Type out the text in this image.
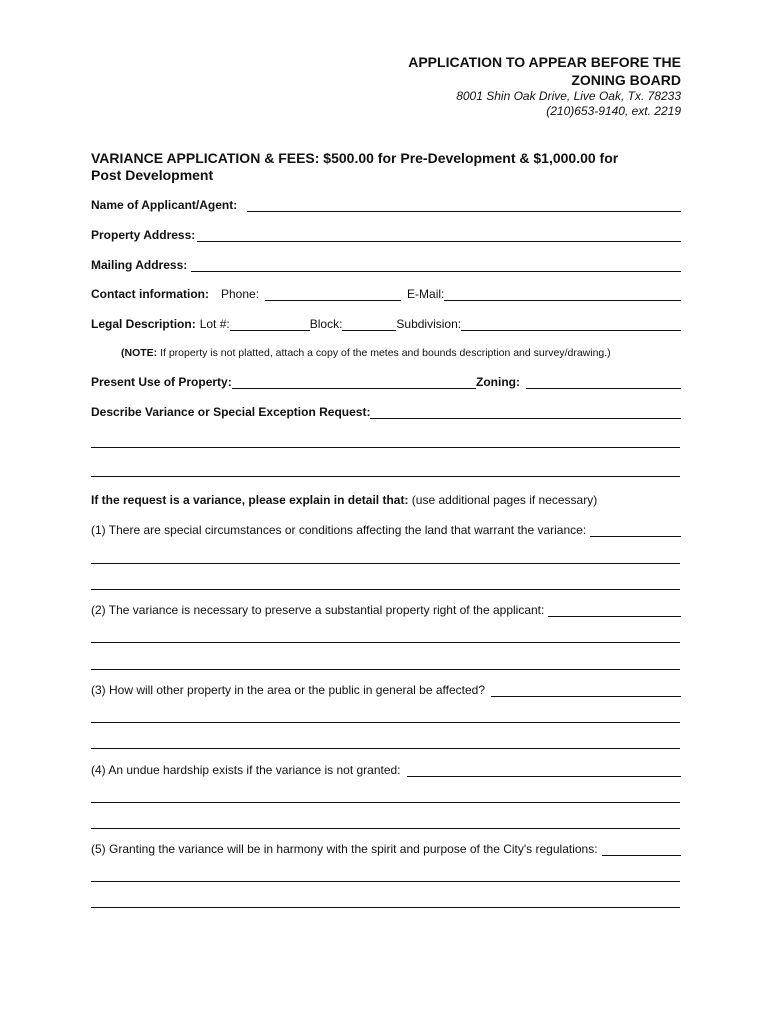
APPLICATION TO APPEAR BEFORE THE
ZONING BOARD
8001 Shin Oak Drive, Live Oak, Tx. 78233
(210)653-9140, ext. 2219
VARIANCE APPLICATION & FEES: $500.00 for Pre-Development & $1,000.00 for
Post Development
Name of Applicant/Agent:
Property Address:
Mailing Address:
Contact information: Phone:	E-Mail:
Legal Description: Lot #:	Block:	Subdivision:
(NOTE: If property is not platted, attach a copy of the metes and bounds description and survey/drawing.)
Present Use of Property:	Zoning:
Describe Variance or Special Exception Request:
If the request is a variance, please explain in detail that: (use additional pages if necessary)
(1) There are special circumstances or conditions affecting the land that warrant the variance:
(2) The variance is necessary to preserve a substantial property right of the applicant:
(3) How will other property in the area or the public in general be affected?
(4) An undue hardship exists if the variance is not granted:
(5) Granting the variance will be in harmony with the spirit and purpose of the City's regulations:
